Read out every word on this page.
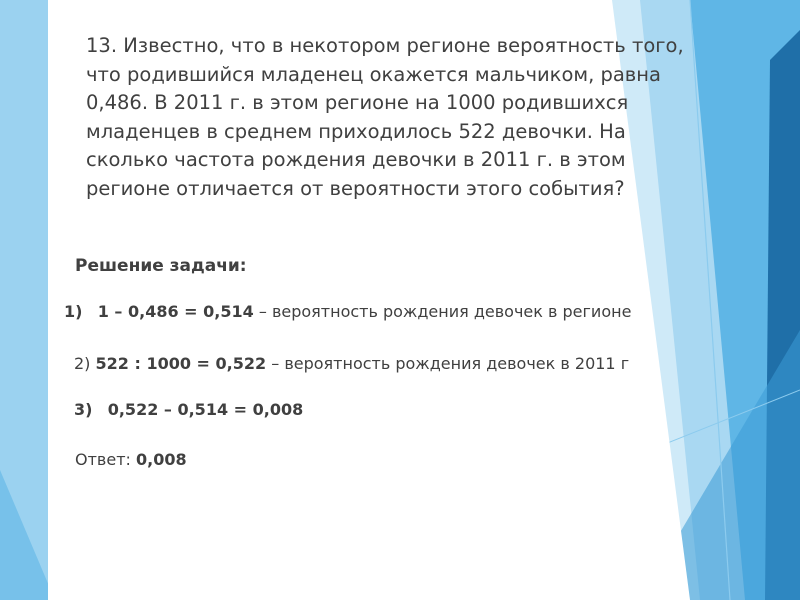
13. Известно, что в некотором регионе вероятность того,
что родившийся младенец окажется мальчиком, равна
0,486. В 2011 г. в этом регионе на 1000 родившихся
младенцев в среднем приходилось 522 девочки. На
сколько частота рождения девочки в 2011 г. в этом
регионе отличается от вероятности этого события?
Решение задачи:
1) 1 – 0,486 = 0,514 – вероятность рождения девочек в регионе
2) 522 : 1000 = 0,522 – вероятность рождения девочек в 2011 г
3) 0,522 – 0,514 = 0,008
Ответ: 0,008
